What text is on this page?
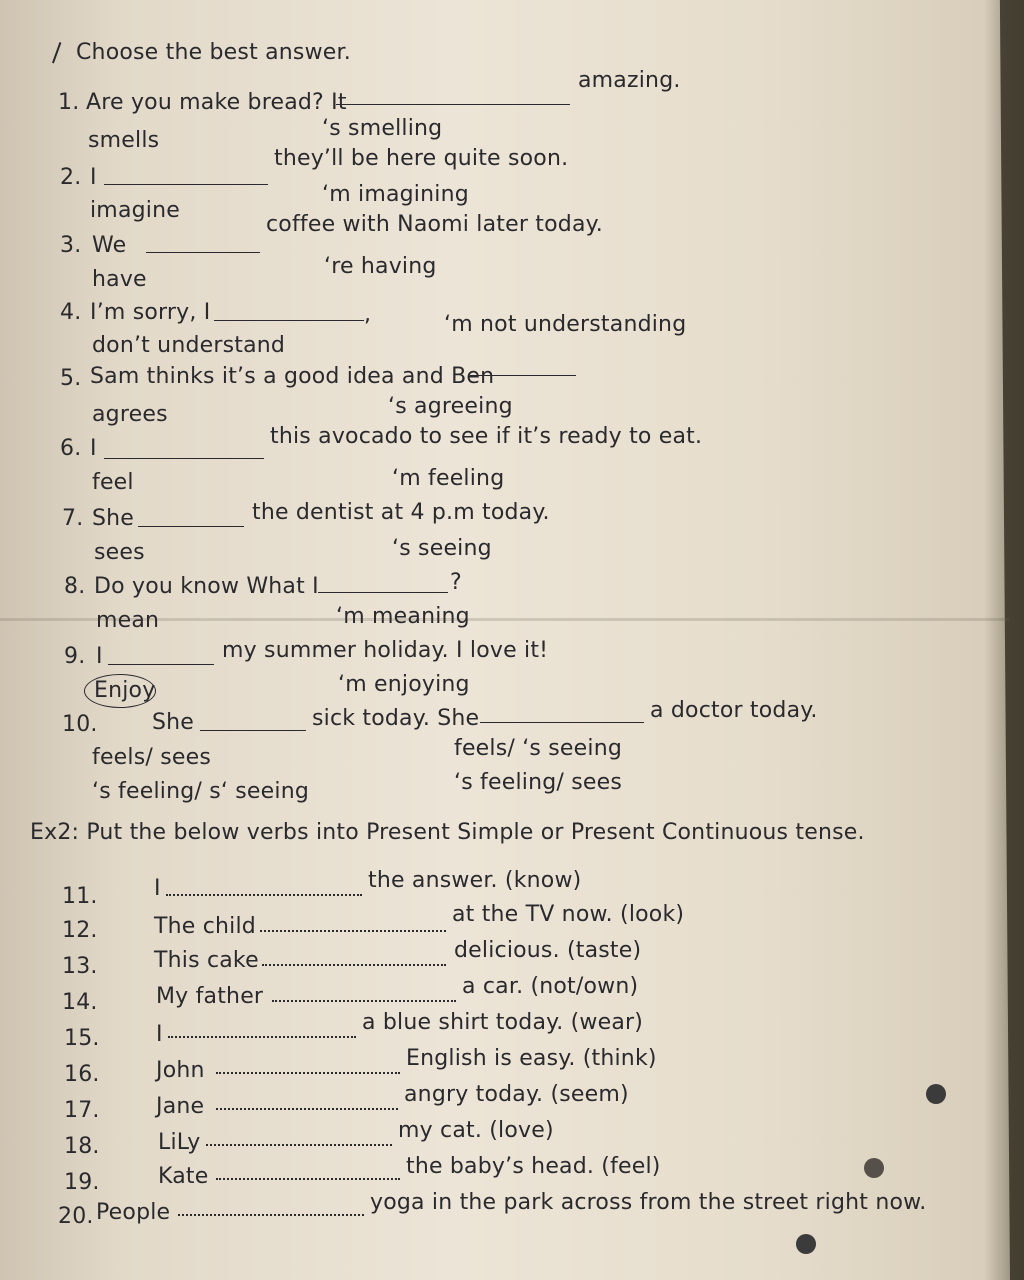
Choose the best answer.
1. Are you make bread? It
amazing.
smells	‘s smelling
2. I
they’ll be here quite soon.
imagine
‘m imagining
3. We
coffee with Naomi later today.
have
‘re having
4. I’m sorry, I	,
don’t understand
‘m not understanding
5. Sam thinks it’s a good idea and Ben
agrees	‘s agreeing
6. I	this avocado to see if it’s ready to eat.
feel	‘m feeling
7. She	the dentist at 4 p.m today.
sees	‘s seeing
8. Do you know What I	?
mean	‘m meaning
9. I	my summer holiday. I love it!
Enjoy	‘m enjoying
10. She	sick today. She	a doctor today.
feels/ sees	feels/ ‘s seeing
‘s feeling/ s‘ seeing	‘s feeling/ sees
Ex2: Put the below verbs into Present Simple or Present Continuous tense.
11.	I	the answer. (know)
12.	The child	at the TV now. (look)
13.	This cake	delicious. (taste)
14.	My father	a car. (not/own)
15.	I	a blue shirt today. (wear)
16.	John	English is easy. (think)
17.	Jane	angry today. (seem)
18.	LiLy	my cat. (love)
19.	Kate	the baby’s head. (feel)
20. People	yoga in the park across from the street right now.
